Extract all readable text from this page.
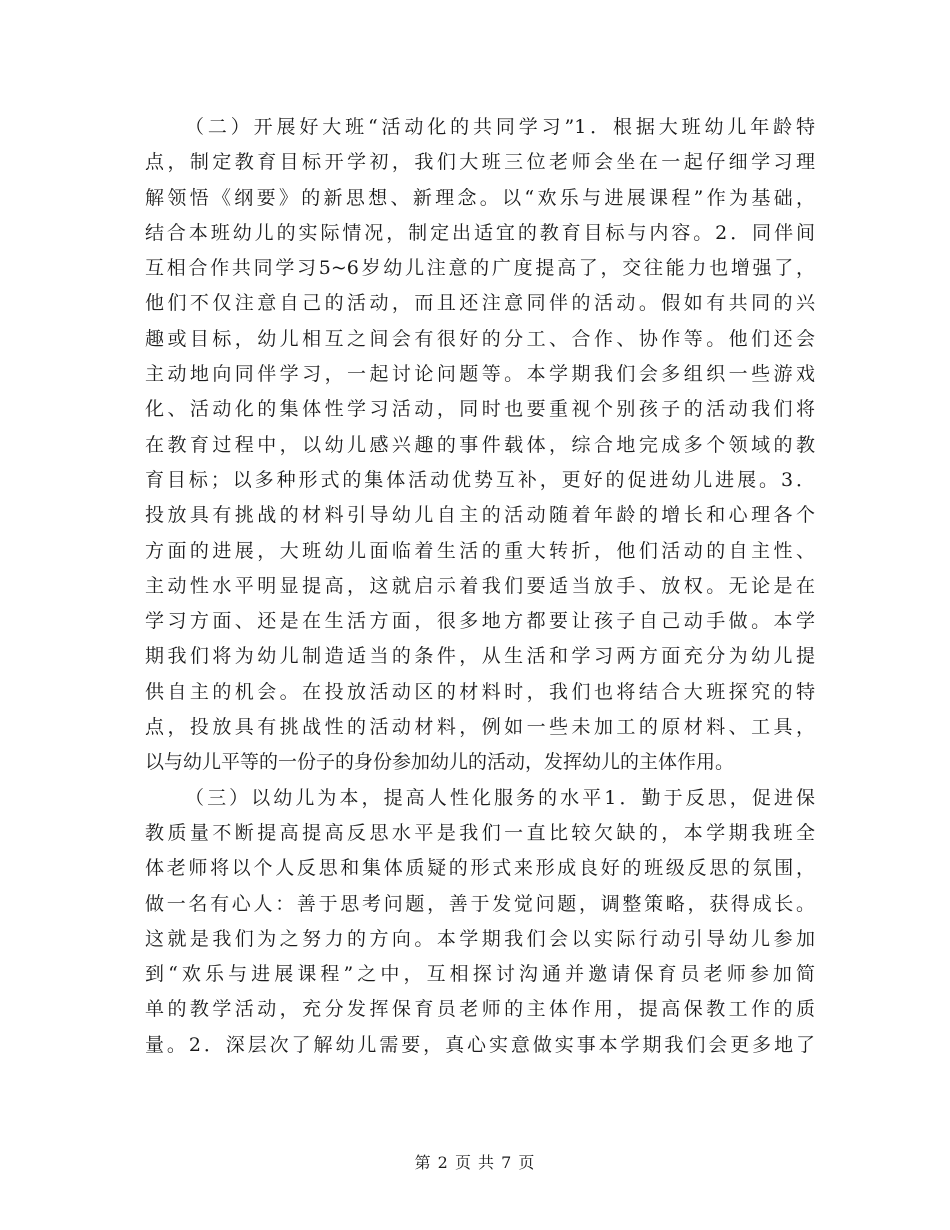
（二）开展好大班“活动化的共同学习”1．根据大班幼儿年龄特
点，制定教育目标开学初，我们大班三位老师会坐在一起仔细学习理
解领悟《纲要》的新思想、新理念。以“欢乐与进展课程”作为基础，
结合本班幼儿的实际情况，制定出适宜的教育目标与内容。2．同伴间
互相合作共同学习5~6岁幼儿注意的广度提高了，交往能力也增强了，
他们不仅注意自己的活动，而且还注意同伴的活动。假如有共同的兴
趣或目标，幼儿相互之间会有很好的分工、合作、协作等。他们还会
主动地向同伴学习，一起讨论问题等。本学期我们会多组织一些游戏
化、活动化的集体性学习活动，同时也要重视个别孩子的活动我们将
在教育过程中，以幼儿感兴趣的事件载体，综合地完成多个领域的教
育目标；以多种形式的集体活动优势互补，更好的促进幼儿进展。3．
投放具有挑战的材料引导幼儿自主的活动随着年龄的增长和心理各个
方面的进展，大班幼儿面临着生活的重大转折，他们活动的自主性、
主动性水平明显提高，这就启示着我们要适当放手、放权。无论是在
学习方面、还是在生活方面，很多地方都要让孩子自己动手做。本学
期我们将为幼儿制造适当的条件，从生活和学习两方面充分为幼儿提
供自主的机会。在投放活动区的材料时，我们也将结合大班探究的特
点，投放具有挑战性的活动材料，例如一些未加工的原材料、工具，
以与幼儿平等的一份子的身份参加幼儿的活动，发挥幼儿的主体作用。
（三）以幼儿为本，提高人性化服务的水平1．勤于反思，促进保
教质量不断提高提高反思水平是我们一直比较欠缺的，本学期我班全
体老师将以个人反思和集体质疑的形式来形成良好的班级反思的氛围，
做一名有心人：善于思考问题，善于发觉问题，调整策略，获得成长。
这就是我们为之努力的方向。本学期我们会以实际行动引导幼儿参加
到“欢乐与进展课程”之中，互相探讨沟通并邀请保育员老师参加简
单的教学活动，充分发挥保育员老师的主体作用，提高保教工作的质
量。2．深层次了解幼儿需要，真心实意做实事本学期我们会更多地了
第 2 页 共 7 页
